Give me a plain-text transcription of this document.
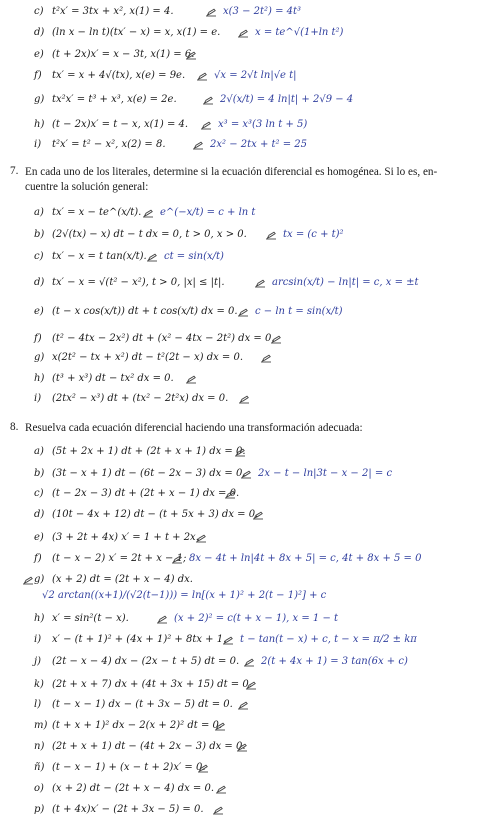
c) t²x′ = 3tx + x², x(1) = 4.	x(3 − 2t²) = 4t³
d) (ln x − ln t)(tx′ − x) = x, x(1) = e.	x = te^√(1+ln t²)
e) (t + 2x)x′ = x − 3t, x(1) = 6.
f) tx′ = x + 4√(tx), x(e) = 9e.	√x = 2√t ln|√e t|
g) tx²x′ = t³ + x³, x(e) = 2e.	2√(x/t) = 4 ln|t| + 2√9 − 4
h) (t − 2x)x′ = t − x, x(1) = 4.	x³ = x³(3 ln t + 5)
i) t²x′ = t² − x², x(2) = 8.	2x² − 2tx + t² = 25
7. En cada uno de los literales, determine si la ecuación diferencial es homogénea. Si lo es, en-
cuentre la solución general:
a) tx′ = x − te^(x/t). e^(−x/t) = c + ln t
b) (2√(tx) − x) dt − t dx = 0, t > 0, x > 0.	tx = (c + t)²
c) tx′ − x = t tan(x/t). ct = sin(x/t)
d) tx′ − x = √(t² − x²), t > 0, |x| ≤ |t|.	arcsin(x/t) − ln|t| = c, x = ±t
e) (t − x cos(x/t)) dt + t cos(x/t) dx = 0. c − ln t = sin(x/t)
f) (t² − 4tx − 2x²) dt + (x² − 4tx − 2t²) dx = 0.
g) x(2t² − tx + x²) dt − t²(2t − x) dx = 0.
h) (t³ + x³) dt − tx² dx = 0.
i) (2tx² − x³) dt + (tx² − 2t²x) dx = 0.
8. Resuelva cada ecuación diferencial haciendo una transformación adecuada:
a) (5t + 2x + 1) dt + (2t + x + 1) dx = 0.
b) (3t − x + 1) dt − (6t − 2x − 3) dx = 0. 2x − t − ln|3t − x − 2| = c
c) (t − 2x − 3) dt + (2t + x − 1) dx = 0.
d) (10t − 4x + 12) dt − (t + 5x + 3) dx = 0.
e) (3 + 2t + 4x) x′ = 1 + t + 2x.
f) (t − x − 2) x′ = 2t + x − 1; 8x − 4t + ln|4t + 8x + 5| = c, 4t + 8x + 5 = 0
g) (x + 2) dt = (2t + x − 4) dx.
√2 arctan((x+1)/(√2(t−1))) = ln[(x + 1)² + 2(t − 1)²] + c
h) x′ = sin²(t − x).	(x + 2)² = c(t + x − 1), x = 1 − t
i) x′ − (t + 1)² + (4x + 1)² + 8tx + 1. t − tan(t − x) + c, t − x = π/2 ± kπ
j) (2t − x − 4) dx − (2x − t + 5) dt = 0. 2(t + 4x + 1) = 3 tan(6x + c)
k) (2t + x + 7) dx + (4t + 3x + 15) dt = 0.
l) (t − x − 1) dx − (t + 3x − 5) dt = 0.
m) (t + x + 1)² dx − 2(x + 2)² dt = 0.
n) (2t + x + 1) dt − (4t + 2x − 3) dx = 0.
ñ) (t − x − 1) + (x − t + 2)x′ = 0.
o) (x + 2) dt − (2t + x − 4) dx = 0.
p) (t + 4x)x′ − (2t + 3x − 5) = 0.
